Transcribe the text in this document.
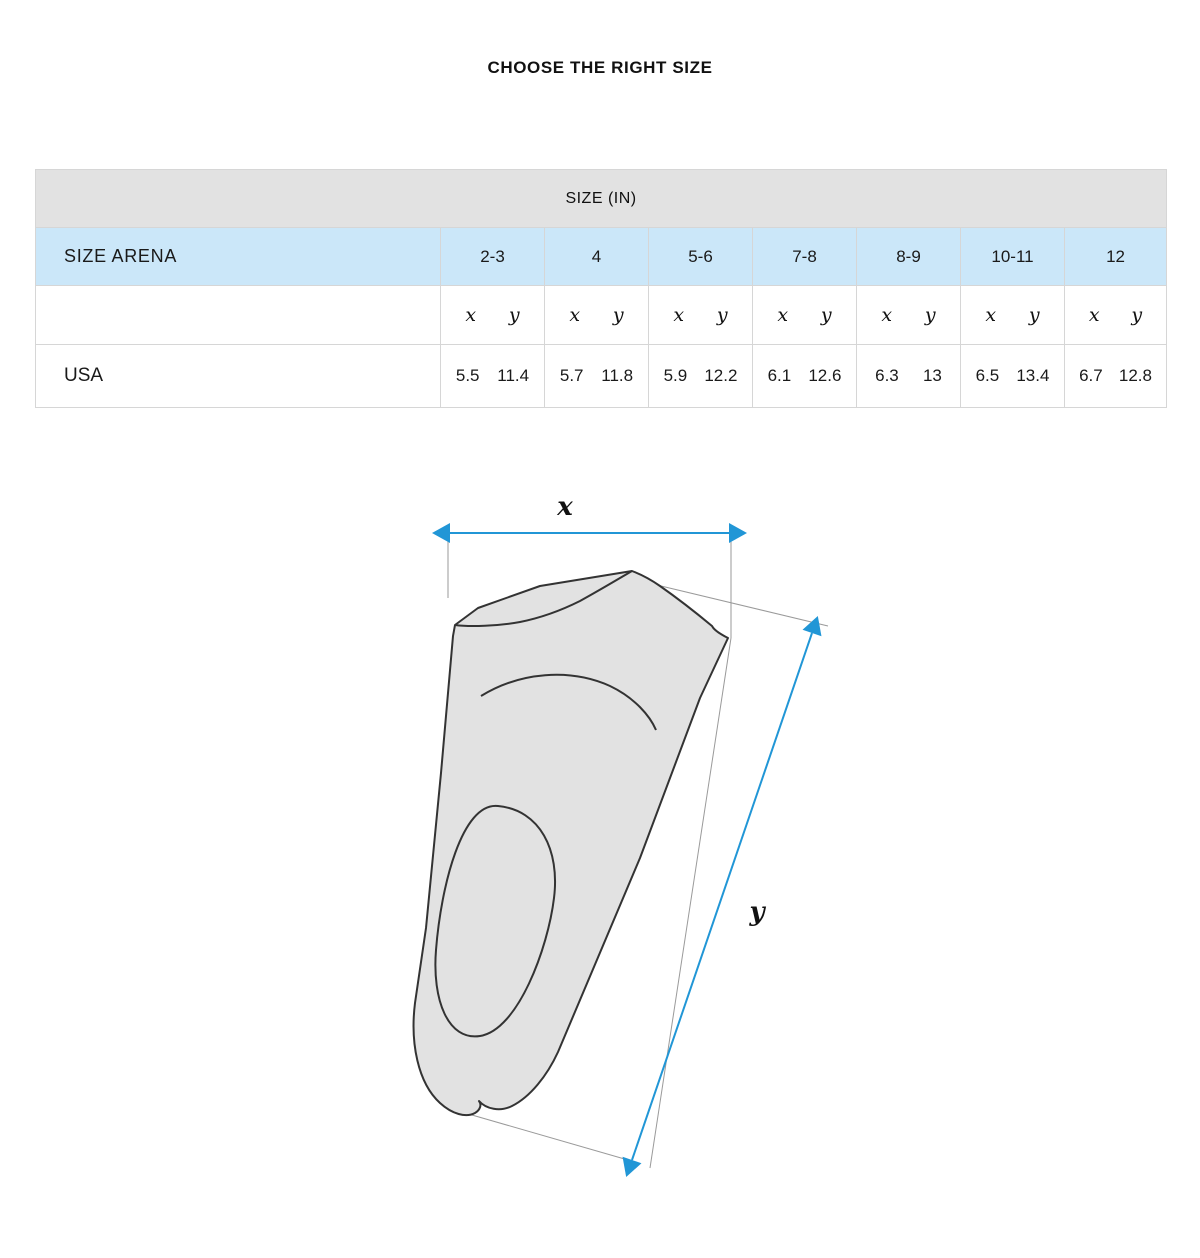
CHOOSE THE RIGHT SIZE
SIZE (IN)							
SIZE ARENA	2-3	4	5-6	7-8	8-9	10-11	12

	x y	x y	x y	x y	x y	x y	x y

USA	5.5 11.4	5.7 11.8	5.9 12.2	6.1 12.6	6.3 13	6.5 13.4	6.7 12.8
x
y
